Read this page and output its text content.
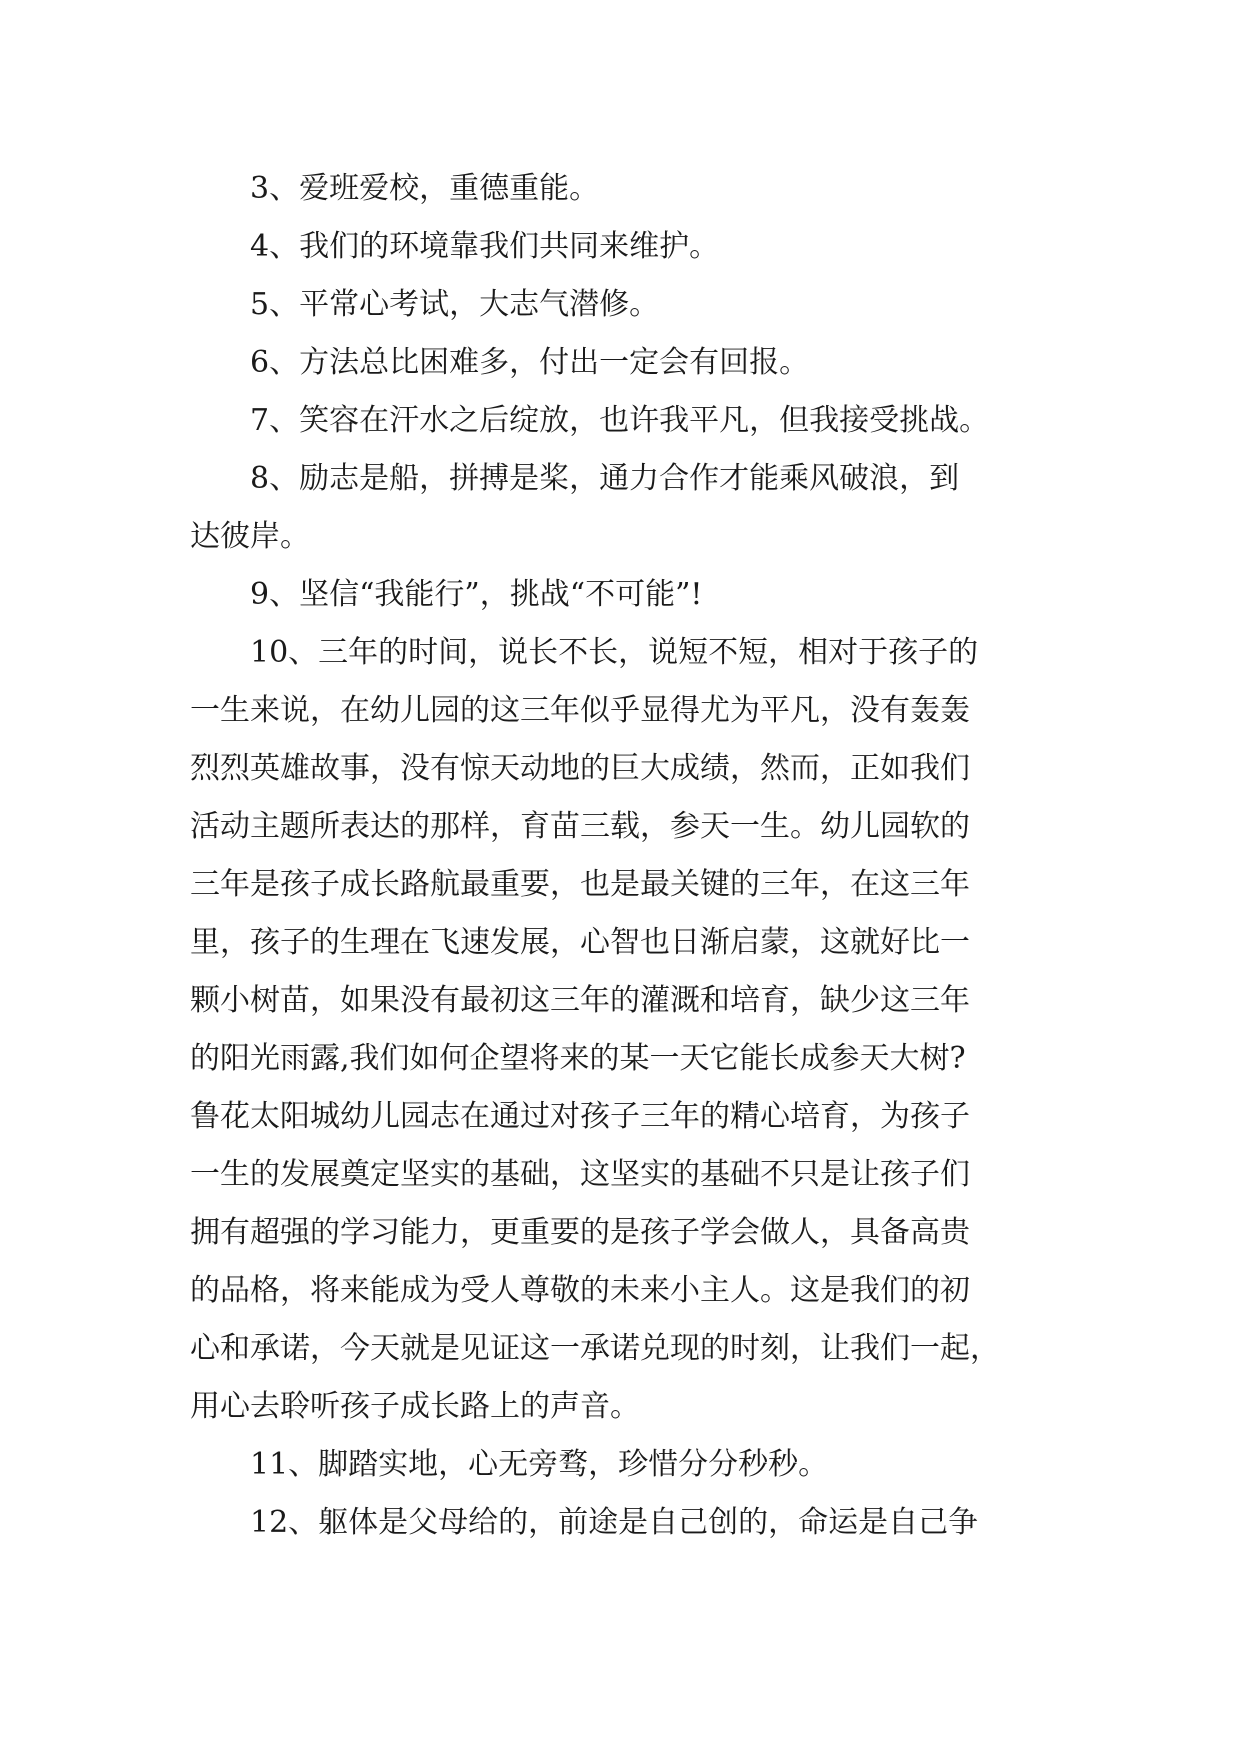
3、爱班爱校，重德重能。

4、我们的环境靠我们共同来维护。

5、平常心考试，大志气潜修。

6、方法总比困难多，付出一定会有回报。

7、笑容在汗水之后绽放，也许我平凡，但我接受挑战。

8、励志是船，拼搏是桨，通力合作才能乘风破浪，到
达彼岸。

9、坚信“我能行”，挑战“不可能”!

10、三年的时间，说长不长，说短不短，相对于孩子的
一生来说，在幼儿园的这三年似乎显得尤为平凡，没有轰轰
烈烈英雄故事，没有惊天动地的巨大成绩，然而，正如我们
活动主题所表达的那样，育苗三载，参天一生。幼儿园软的
三年是孩子成长路航最重要，也是最关键的三年，在这三年
里，孩子的生理在飞速发展，心智也日渐启蒙，这就好比一
颗小树苗，如果没有最初这三年的灌溉和培育，缺少这三年
的阳光雨露,我们如何企望将来的某一天它能长成参天大树?
鲁花太阳城幼儿园志在通过对孩子三年的精心培育，为孩子
一生的发展奠定坚实的基础，这坚实的基础不只是让孩子们
拥有超强的学习能力，更重要的是孩子学会做人，具备高贵
的品格，将来能成为受人尊敬的未来小主人。这是我们的初
心和承诺，今天就是见证这一承诺兑现的时刻，让我们一起，
用心去聆听孩子成长路上的声音。

11、脚踏实地，心无旁骛，珍惜分分秒秒。

12、躯体是父母给的，前途是自己创的，命运是自己争
